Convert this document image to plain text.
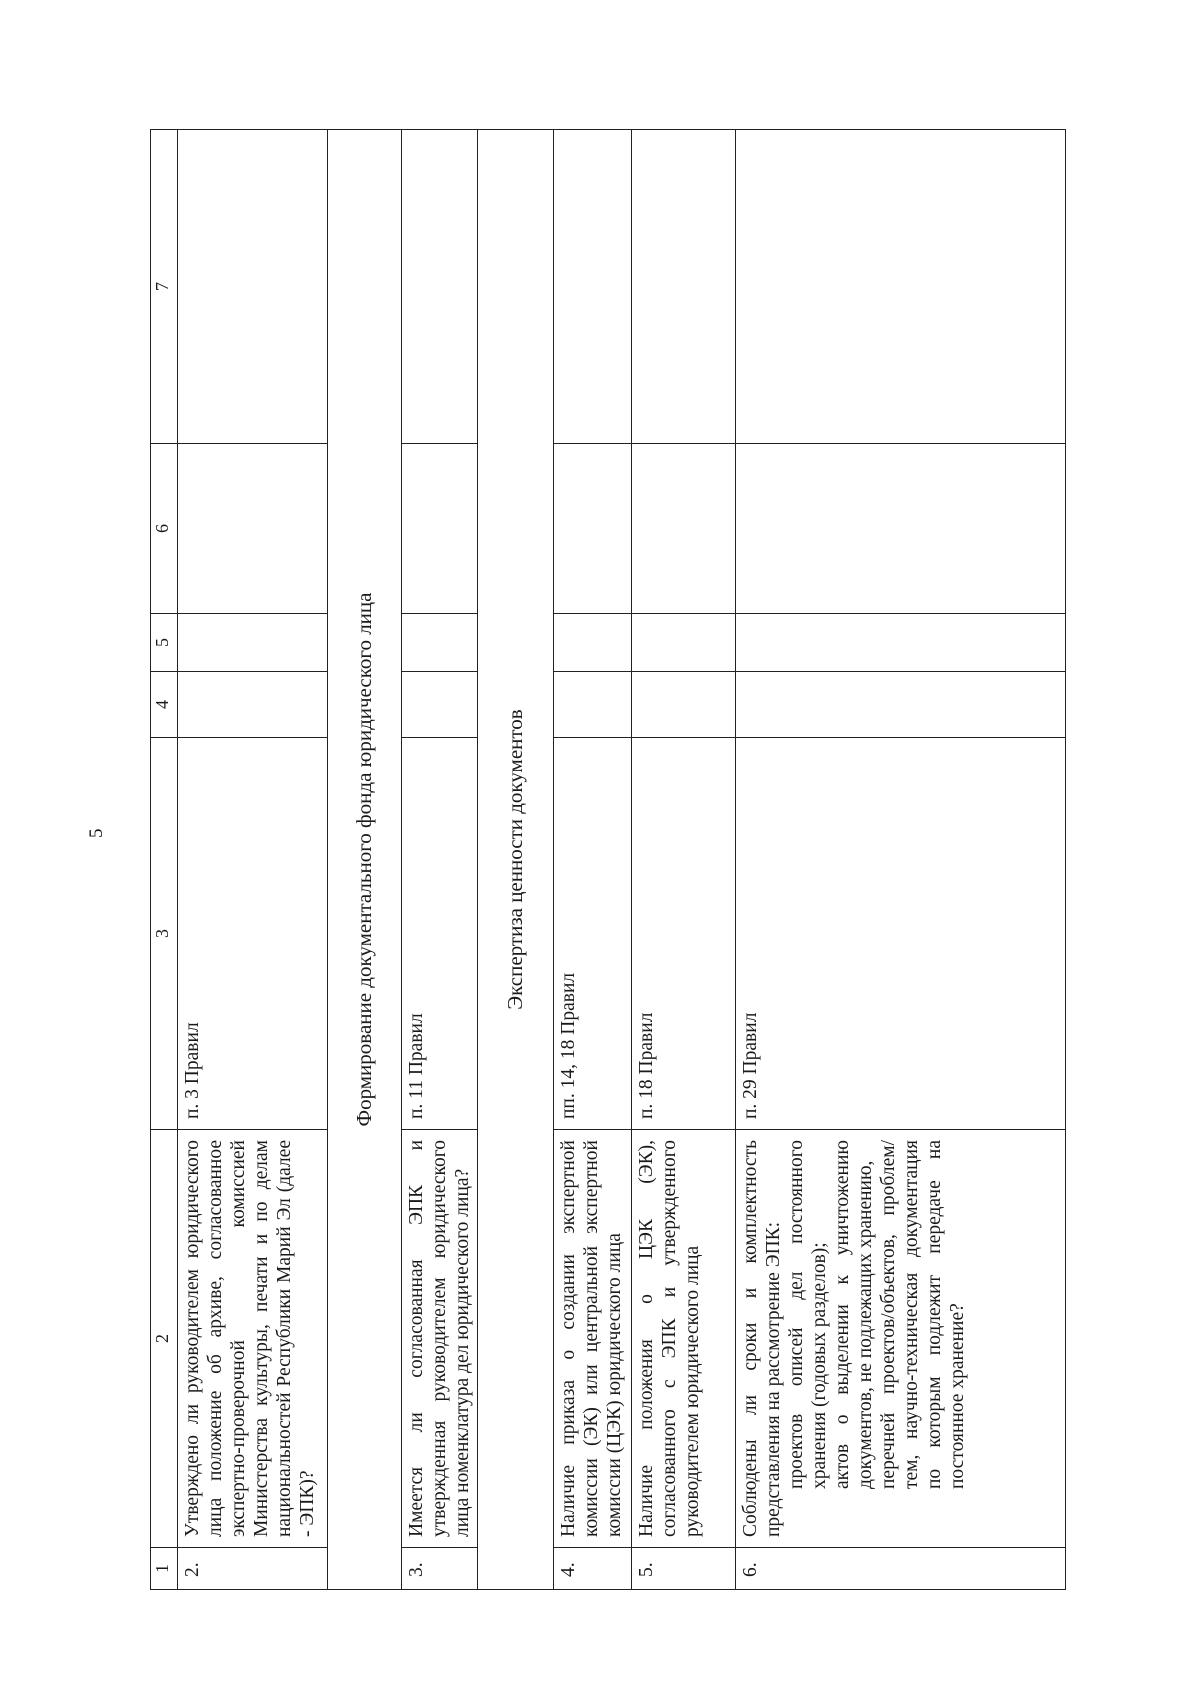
5
1	2	3	4	5	6	7
2.	Утверждено ли руководителем юридического лица положение об архиве, согласованное экспертно-проверочной комиссией Министерства культуры, печати и по делам национальностей Республики Марий Эл (далее - ЭПК)?	п. 3 Правил				
Формирование документального фонда юридического лица						
3.	Имеется ли согласованная ЭПК и утвержденная руководителем юридического лица номенклатура дел юридического лица?	п. 11 Правил				
Экспертиза ценности документов						
4.	Наличие приказа о создании экспертной комиссии (ЭК) или центральной экспертной комиссии (ЦЭК) юридического лица	пп. 14, 18 Правил				
5.	Наличие положения о ЦЭК (ЭК), согласованного с ЭПК и утвержденного руководителем юридического лица	п. 18 Правил				
6.	Соблюдены ли сроки и комплектность представления на рассмотрение ЭПК: проектов описей дел постоянного хранения (годовых разделов); актов о выделении к уничтожению документов, не подлежащих хранению, перечней проектов/объектов, проблем/тем, научно-техническая документация по которым подлежит передаче на постоянное хранение?	п. 29 Правил				
